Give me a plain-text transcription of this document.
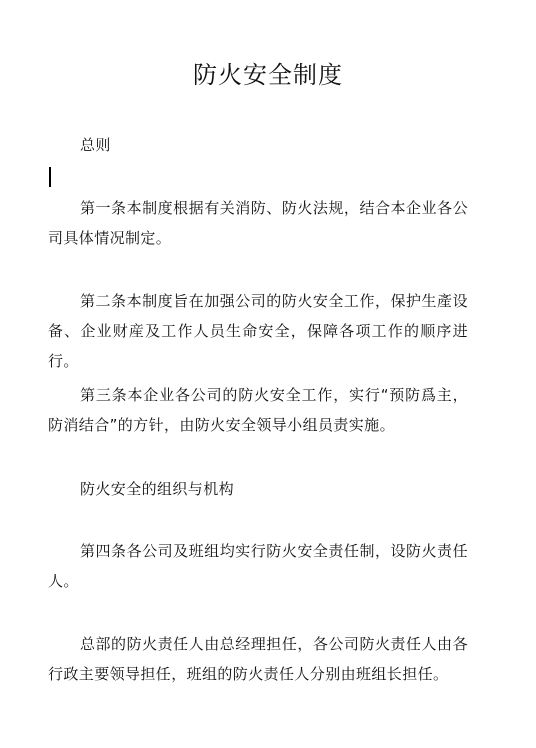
防火安全制度

总则

第一条本制度根据有关消防、防火法规，结合本企业各公司具体情况制定。

第二条本制度旨在加强公司的防火安全工作，保护生產设备、企业财産及工作人员生命安全，保障各项工作的顺序进行。

第三条本企业各公司的防火安全工作，实行“预防爲主，防消结合”的方针，由防火安全领导小组员责实施。

防火安全的组织与机构

第四条各公司及班组均实行防火安全责任制，设防火责任人。

总部的防火责任人由总经理担任，各公司防火责任人由各行政主要领导担任，班组的防火责任人分别由班组长担任。
